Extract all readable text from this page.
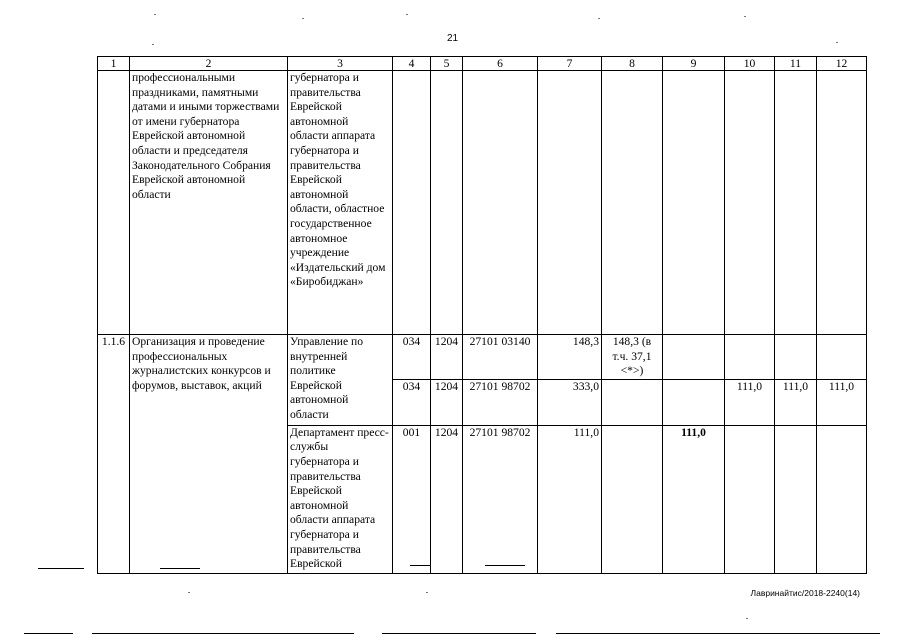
21
1	2	3	4	5	6	7	8	9	10	11	12
	профессиональными праздниками, памятными датами и иными торжествами от имени губернатора Еврейской автономной области и председателя Законодательного Собрания Еврейской автономной области	губернатора и правительства Еврейской автономной области аппарата губернатора и правительства Еврейской автономной области, областное государственное автономное учреждение «Издательский дом «Биробиджан»									
1.1.6	Организация и проведение профессиональных журналистских конкурсов и форумов, выставок, акций	Управление по внутренней политике Еврейской автономной области	034	1204	27101 03140	148,3	148,3 (в т.ч. 37,1 <*>)				
			034	1204	27101 98702	333,0			111,0	111,0	111,0
		Департамент пресс-службы губернатора и правительства Еврейской автономной области аппарата губернатора и правительства Еврейской	001	1204	27101 98702	111,0		111,0			
Лавринайтис/2018-2240(14)
